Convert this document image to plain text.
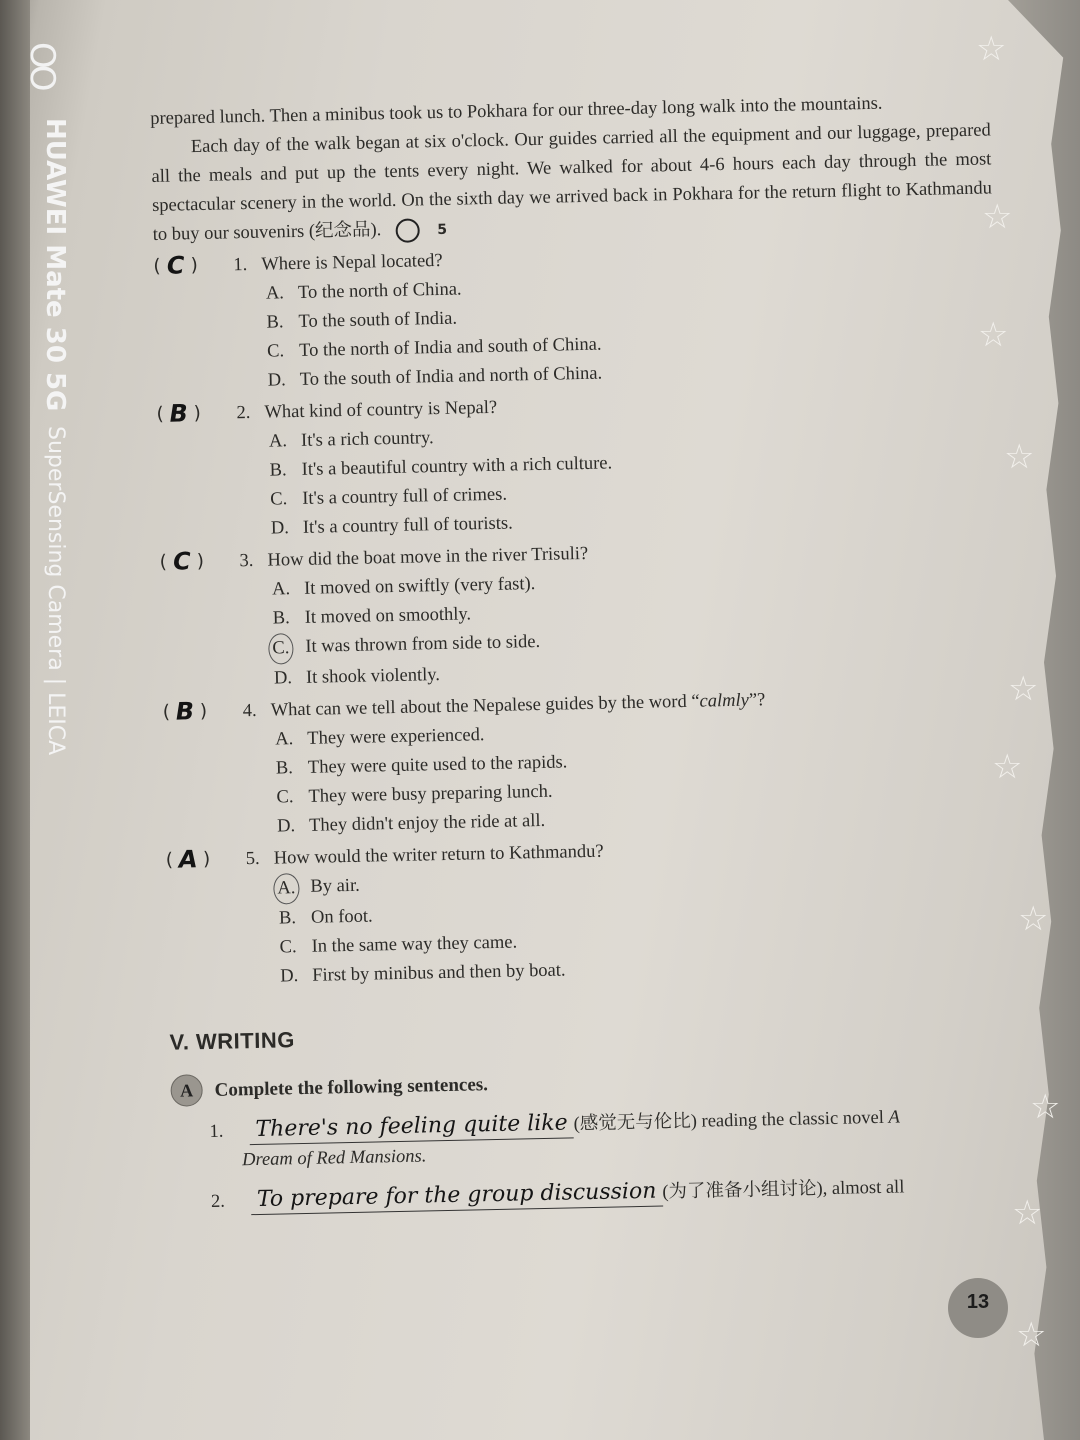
☆
☆
☆
☆
☆
☆
☆
☆
☆
☆
OO
HUAWEI Mate 30 5G SuperSensing Camera | LEICA

prepared lunch. Then a minibus took us to Pokhara for our three-day long walk into the mountains.

Each day of the walk began at six o'clock. Our guides carried all the equipment and our luggage, prepared all the meals and put up the tents every night. We walked for about 4-6 hours each day through the most spectacular scenery in the world. On the sixth day we arrived back in Pokhara for the return flight to Kathmandu to buy our souvenirs (纪念品).	5

( C ) 1. Where is Nepal located?
A. To the north of China.
B. To the south of India.
C. To the north of India and south of China.
D. To the south of India and north of China.
( B ) 2. What kind of country is Nepal?
A. It's a rich country.
B. It's a beautiful country with a rich culture.
C. It's a country full of crimes.
D. It's a country full of tourists.
( C ) 3. How did the boat move in the river Trisuli?
A. It moved on swiftly (very fast).
B. It moved on smoothly.
C. It was thrown from side to side.
D. It shook violently.
( B ) 4. What can we tell about the Nepalese guides by the word “calmly”?
A. They were experienced.
B. They were quite used to the rapids.
C. They were busy preparing lunch.
D. They didn't enjoy the ride at all.
( A ) 5. How would the writer return to Kathmandu?
A. By air.
B. On foot.
C. In the same way they came.
D. First by minibus and then by boat.
V. WRITING
A	Complete the following sentences.
1.	There's no feeling quite like (感觉无与伦比) reading the classic novel
A
Dream of Red Mansions.
2.	To prepare for the group discussion (为了准备小组讨论), almost all
13
